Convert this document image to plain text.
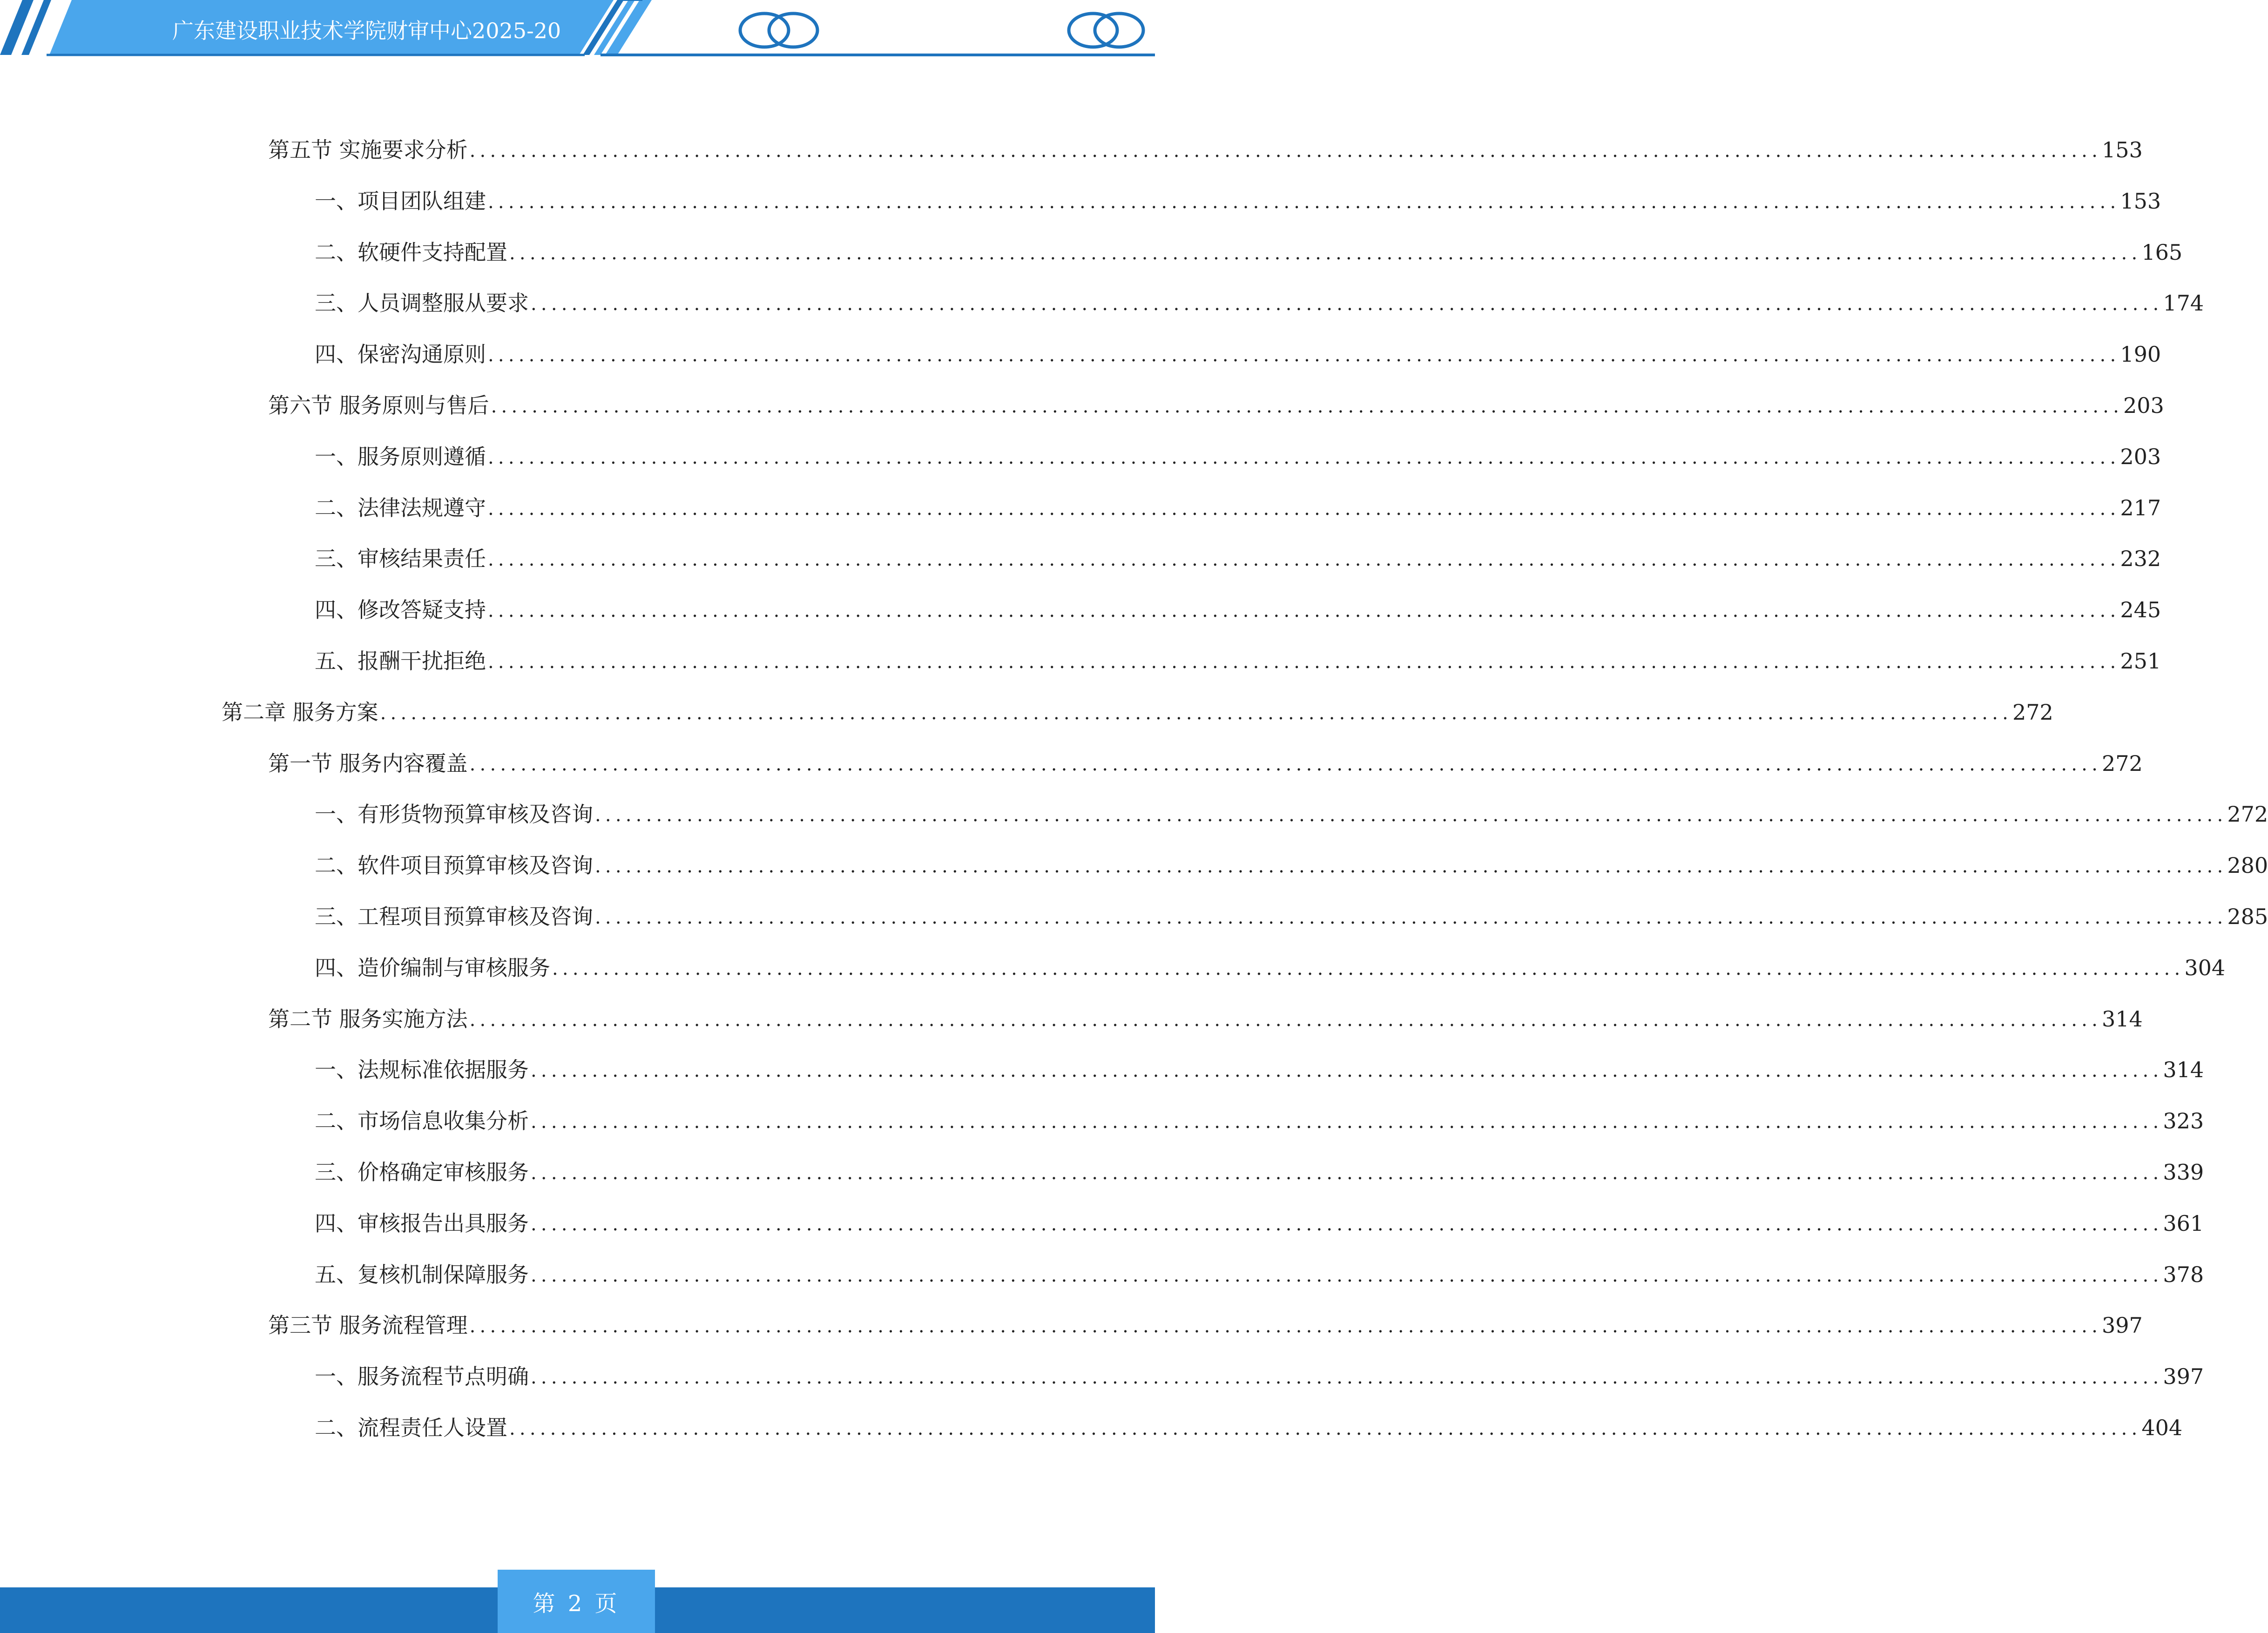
广东建设职业技术学院财审中心2025-20
第五节 实施要求分析 ................................................................................................................................................................ 153
一、 项目团队组建 ................................................................................................................................................................ 153
二、 软硬件支持配置 ................................................................................................................................................................ 165
三、 人员调整服从要求 ................................................................................................................................................................ 174
四、 保密沟通原则 ................................................................................................................................................................ 190
第六节 服务原则与售后 ................................................................................................................................................................ 203
一、 服务原则遵循 ................................................................................................................................................................ 203
二、 法律法规遵守 ................................................................................................................................................................ 217
三、 审核结果责任 ................................................................................................................................................................ 232
四、 修改答疑支持 ................................................................................................................................................................ 245
五、 报酬干扰拒绝 ................................................................................................................................................................ 251
第二章 服务方案 ................................................................................................................................................................ 272
第一节 服务内容覆盖 ................................................................................................................................................................ 272
一、 有形货物预算审核及咨询 ................................................................................................................................................................ 272
二、 软件项目预算审核及咨询 ................................................................................................................................................................ 280
三、 工程项目预算审核及咨询 ................................................................................................................................................................ 285
四、 造价编制与审核服务 ................................................................................................................................................................ 304
第二节 服务实施方法 ................................................................................................................................................................ 314
一、 法规标准依据服务 ................................................................................................................................................................ 314
二、 市场信息收集分析 ................................................................................................................................................................ 323
三、 价格确定审核服务 ................................................................................................................................................................ 339
四、 审核报告出具服务 ................................................................................................................................................................ 361
五、 复核机制保障服务 ................................................................................................................................................................ 378
第三节 服务流程管理 ................................................................................................................................................................ 397
一、 服务流程节点明确 ................................................................................................................................................................ 397
二、 流程责任人设置 ................................................................................................................................................................ 404
第 2 页
